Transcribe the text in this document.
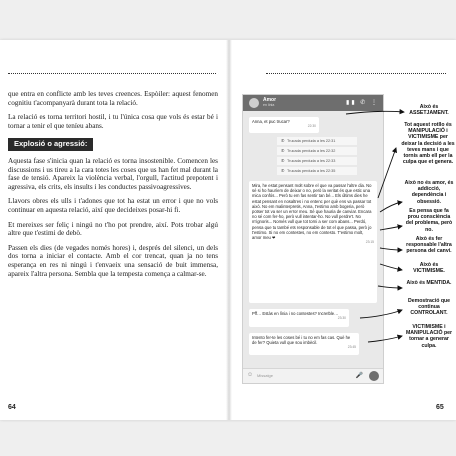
que entra en conflicte amb les teves creences. Espòiler: aquest fenomen cognitiu t'acompanyarà durant tota la relació.

La relació es torna territori hostil, i tu l'única cosa que vols és estar bé i tornar a tenir el que teníeu abans.

Explosió o agressió:

Aquesta fase s'inicia quan la relació es torna insostenible. Comencen les discussions i us tireu a la cara totes les coses que us han fet mal durant la fase de tensió. Apareix la violència verbal, l'orgull, l'actitud prepotent i agressiva, els crits, els insults i les conductes passivoagressives.

Llavors obres els ulls i t'adones que tot ha estat un error i que no vols continuar en aquesta relació, així que decideixes posar-hi fi.

Et mereixes ser feliç i ningú no t'ho pot prendre, així. Pots trobar algú altre que t'estimi de debò.

Passen els dies (de vegades només hores) i, després del silenci, un dels dos torna a iniciar el contacte. Amb el cor trencat, quan ja no tens esperança en res ni ningú i t'envaeix una sensació de buit immensa, apareix l'altra persona. Sembla que la tempesta comença a calmar-se.

64
Amor
en línia	▮▮ ✆ ⋮
Anna, et puc trucar?
22:30
✆ Trucada perduda a les 22:31
✆ Trucada perduda a les 22:32
✆ Trucada perduda a les 22:33
✆ Trucada perduda a les 22:35
Mira, he estat pensant molt sobre el que va passar l'altre dia. No sé si ho hauríem de deixar o no, però la veritat és que estic una mica confós... Però tu em fas sentir tan bé... Els últims dies he estat pensant en nosaltres i no entenc per què ens va passar tot això. No em malinterpretis, Anna, t'estimo amb bogeria, però potser tot va ser un error meu. Sé que hauria de canviar. Encara no sé com fer-ho, però vull intentar-ho. No vull perdre't. No m'ignoris... Només vull que tot torni a ser com abans... Perdó, pensa que tu també ets responsable de tot el que passa, però jo t'estimo. Si no em contestes, no em contesto. T'estimo molt, amor meu ❤
23:15
Pff… Estàs en línia i no contestes? Increïble…
23:30
Intento fer-te les coses bé i tu no em fas cas. Què he de fer? Quieta vull que sou imbècil.
23:45
☺ Missatge	🎤
Això és ASSETJAMENT.
Tot aquest rotllo és MANIPULACIÓ i VICTIMISME per deixar la decisió a les teves mans i que tornis amb ell per la culpa que et genera.
Això no és amor, és addicció, dependència i obsessió.
Es pensa que fa prou consciència del problema, però no.
Això és fer responsable l'altra persona del canvi.
Això és VICTIMISME.
Això és MENTIDA.
Demostració que continua CONTROLANT.
VICTIMISME i MANIPULACIÓ per tornar a generar culpa.
65
